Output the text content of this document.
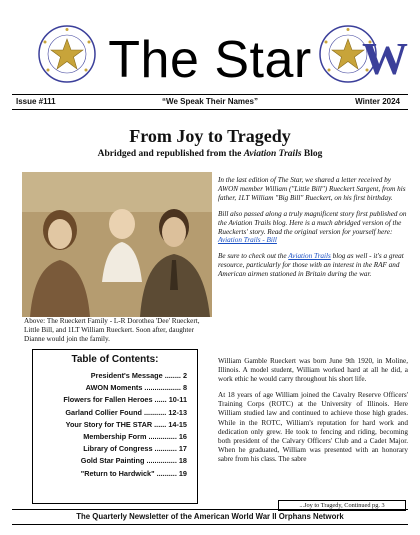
W
The Star
Issue #111	“We Speak Their Names”	Winter 2024
From Joy to Tragedy
Abridged and republished from the Aviation Trails Blog
Above: The Rueckert Family - L-R Dorothea 'Dee' Rueckert, Little Bill, and 1LT William Rueckert. Soon after, daughter Dianne would join the family.

In the last edition of The Star, we shared a letter received by AWON member William ("Little Bill") Rueckert Sargent, from his father, 1LT William "Big Bill" Rueckert, on his first birthday.

Bill also passed along a truly magnificent story first published on the Aviation Trails blog. Here is a much abridged version of the Rueckerts' story. Read the original version for yourself here: Aviation Trails - Bill

Be sure to check out the Aviation Trails blog as well - it's a great resource, particularly for those with an interest in the RAF and American airmen stationed in Britain during the war.

William Gamble Rueckert was born June 9th 1920, in Moline, Illinois. A model student, William worked hard at all he did, a work ethic he would carry throughout his short life.

At 18 years of age William joined the Cavalry Reserve Officers' Training Corps (ROTC) at the University of Illinois. Here William studied law and continued to achieve those high grades. While in the ROTC, William's reputation for hard work and dedication only grew. He took to fencing and riding, becoming both president of the Calvary Officers' Club and a Cadet Major. When he graduated, William was presented with an honorary sabre from his class. The sabre

...Joy to Tragedy, Continued pg. 3
Table of Contents:
President's Message ........ 2
AWON Moments .................. 8
Flowers for Fallen Heroes ...... 10-11
Garland Collier Found ........... 12-13
Your Story for THE STAR ...... 14-15
Membership Form .............. 16
Library of Congress ........... 17
Gold Star Painting ............... 18
"Return to Hardwick" .......... 19
The Quarterly Newsletter of the American World War II Orphans Network
